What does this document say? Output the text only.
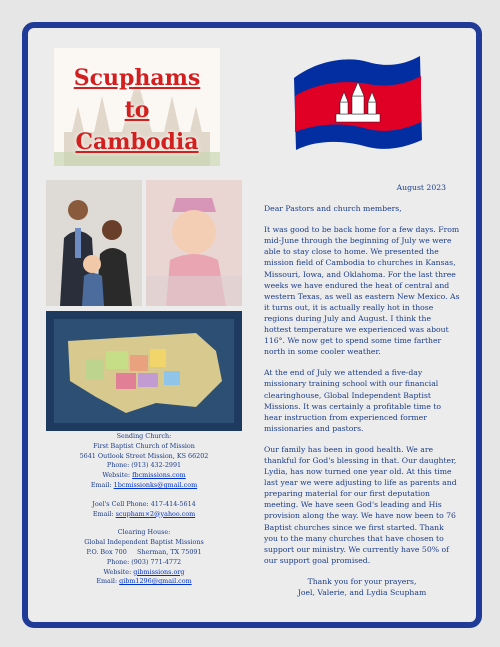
Scuphams
to
Cambodia
Sending Church:
First Baptist Church of Mission
5641 Outlook Street Mission, KS 66202
Phone: (913) 432-2991
Website: fbcmissions.com
Email: 1bcmissionks@gmail.com
Joel's Cell Phone: 417-414-5614
Email: scupham×2@yahoo.com
Clearing House:
Global Independent Baptist Missions
P.O. Box 700     Sherman, TX 75091
Phone: (903) 771-4772
Website: gibmissions.org
Email: gibm1296@gmail.com
August 2023

Dear Pastors and church members,

It was good to be back home for a few days. From mid-June through the beginning of July we were able to stay close to home. We presented the mission field of Cambodia to churches in Kansas, Missouri, Iowa, and Oklahoma. For the last three weeks we have endured the heat of central and western Texas, as well as eastern New Mexico. As it turns out, it is actually really hot in those regions during July and August. I think the hottest temperature we experienced was about 116°. We now get to spend some time farther north in some cooler weather.

At the end of July we attended a five-day missionary training school with our financial clearinghouse, Global Independent Baptist Missions. It was certainly a profitable time to hear instruction from experienced former missionaries and pastors.

Our family has been in good health. We are thankful for God's blessing in that. Our daughter, Lydia, has now turned one year old. At this time last year we were adjusting to life as parents and preparing material for our first deputation meeting. We have seen God's leading and His provision along the way. We have now been to 76 Baptist churches since we first started. Thank you to the many churches that have chosen to support our ministry. We currently have 50% of our support goal promised.

Thank you for your prayers,
Joel, Valerie, and Lydia Scupham
